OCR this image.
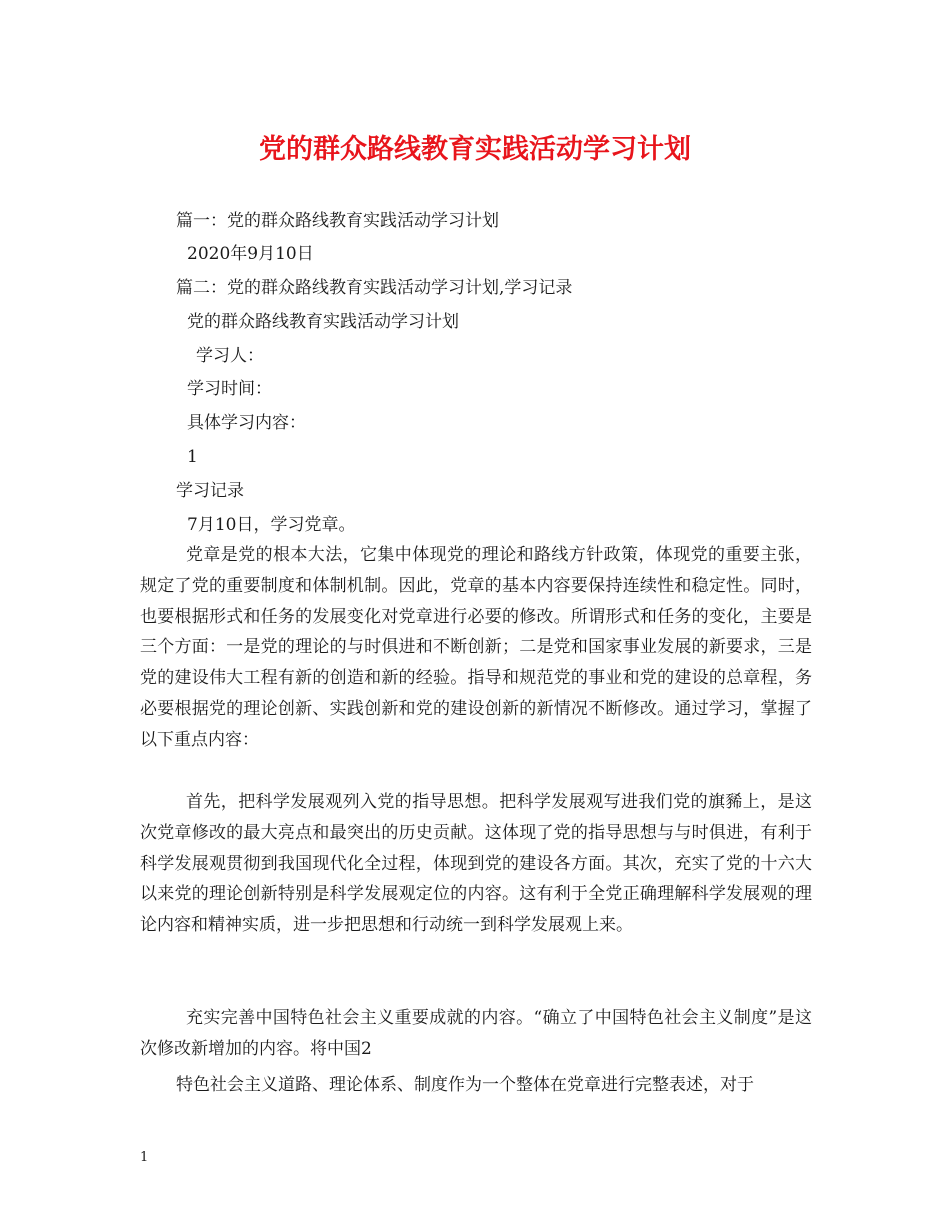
党的群众路线教育实践活动学习计划
篇一：党的群众路线教育实践活动学习计划
2020年9月10日
篇二：党的群众路线教育实践活动学习计划,学习记录
党的群众路线教育实践活动学习计划
学习人：
学习时间：
具体学习内容：
1
学习记录
7月10日，学习党章。
党章是党的根本大法，它集中体现党的理论和路线方针政策，体现党的重要主张，规定了党的重要制度和体制机制。因此，党章的基本内容要保持连续性和稳定性。同时，也要根据形式和任务的发展变化对党章进行必要的修改。所谓形式和任务的变化，主要是三个方面：一是党的理论的与时俱进和不断创新；二是党和国家事业发展的新要求，三是党的建设伟大工程有新的创造和新的经验。指导和规范党的事业和党的建设的总章程，务必要根据党的理论创新、实践创新和党的建设创新的新情况不断修改。通过学习，掌握了以下重点内容：
首先，把科学发展观列入党的指导思想。把科学发展观写进我们党的旗豨上，是这次党章修改的最大亮点和最突出的历史贡献。这体现了党的指导思想与与时俱进，有利于科学发展观贯彻到我国现代化全过程，体现到党的建设各方面。其次，充实了党的十六大以来党的理论创新特别是科学发展观定位的内容。这有利于全党正确理解科学发展观的理论内容和精神实质，进一步把思想和行动统一到科学发展观上来。
充实完善中国特色社会主义重要成就的内容。“确立了中国特色社会主义制度”是这次修改新增加的内容。将中国2
特色社会主义道路、理论体系、制度作为一个整体在党章进行完整表述，对于
1
